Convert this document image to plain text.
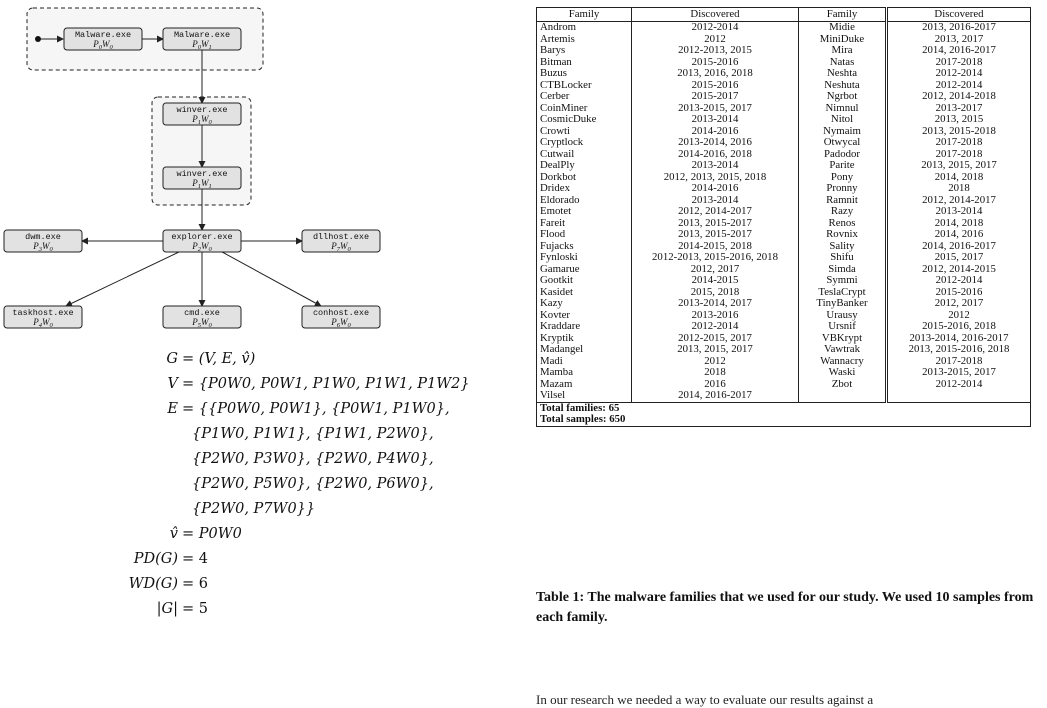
Malware.exe
$P_0W_0$
Malware.exe
$P_0W_1$
winver.exe
$P_1W_0$
winver.exe
$P_1W_1$
explorer.exe
$P_2W_0$
dwm.exe
$P_3W_0$
dllhost.exe
$P_7W_0$
taskhost.exe
$P_4W_0$
cmd.exe
$P_5W_0$
conhost.exe
$P_6W_0$
G = (V, E, v̂)
V = {P0W0, P0W1, P1W0, P1W1, P1W2}
E = {{P0W0, P0W1}, {P0W1, P1W0},
{P1W0, P1W1}, {P1W1, P2W0},
{P2W0, P3W0}, {P2W0, P4W0},
{P2W0, P5W0}, {P2W0, P6W0},
{P2W0, P7W0}}
v̂ = P0W0
PD(G) = 4
WD(G) = 6
|G| = 5
Family	Discovered	Family	Discovered
Androm	2012-2014	Midie	2013, 2016-2017
Artemis	2012	MiniDuke	2013, 2017
Barys	2012-2013, 2015	Mira	2014, 2016-2017
Bitman	2015-2016	Natas	2017-2018
Buzus	2013, 2016, 2018	Neshta	2012-2014
CTBLocker	2015-2016	Neshuta	2012-2014
Cerber	2015-2017	Ngrbot	2012, 2014-2018
CoinMiner	2013-2015, 2017	Nimnul	2013-2017
CosmicDuke	2013-2014	Nitol	2013, 2015
Crowti	2014-2016	Nymaim	2013, 2015-2018
Cryptlock	2013-2014, 2016	Otwycal	2017-2018
Cutwail	2014-2016, 2018	Padodor	2017-2018
DealPly	2013-2014	Parite	2013, 2015, 2017
Dorkbot	2012, 2013, 2015, 2018	Pony	2014, 2018
Dridex	2014-2016	Pronny	2018
Eldorado	2013-2014	Ramnit	2012, 2014-2017
Emotet	2012, 2014-2017	Razy	2013-2014
Fareit	2013, 2015-2017	Renos	2014, 2018
Flood	2013, 2015-2017	Rovnix	2014, 2016
Fujacks	2014-2015, 2018	Sality	2014, 2016-2017
Fynloski	2012-2013, 2015-2016, 2018	Shifu	2015, 2017
Gamarue	2012, 2017	Simda	2012, 2014-2015
Gootkit	2014-2015	Symmi	2012-2014
Kasidet	2015, 2018	TeslaCrypt	2015-2016
Kazy	2013-2014, 2017	TinyBanker	2012, 2017
Kovter	2013-2016	Urausy	2012
Kraddare	2012-2014	Ursnif	2015-2016, 2018
Kryptik	2012-2015, 2017	VBKrypt	2013-2014, 2016-2017
Madangel	2013, 2015, 2017	Vawtrak	2013, 2015-2016, 2018
Madi	2012	Wannacry	2017-2018
Mamba	2018	Waski	2013-2015, 2017
Mazam	2016	Zbot	2012-2014
Vilsel	2014, 2016-2017		
Total families: 65			
Total samples: 650			
Table 1: The malware families that we used for our study. We used 10 samples from each family.
In our research we needed a way to evaluate our results against a
